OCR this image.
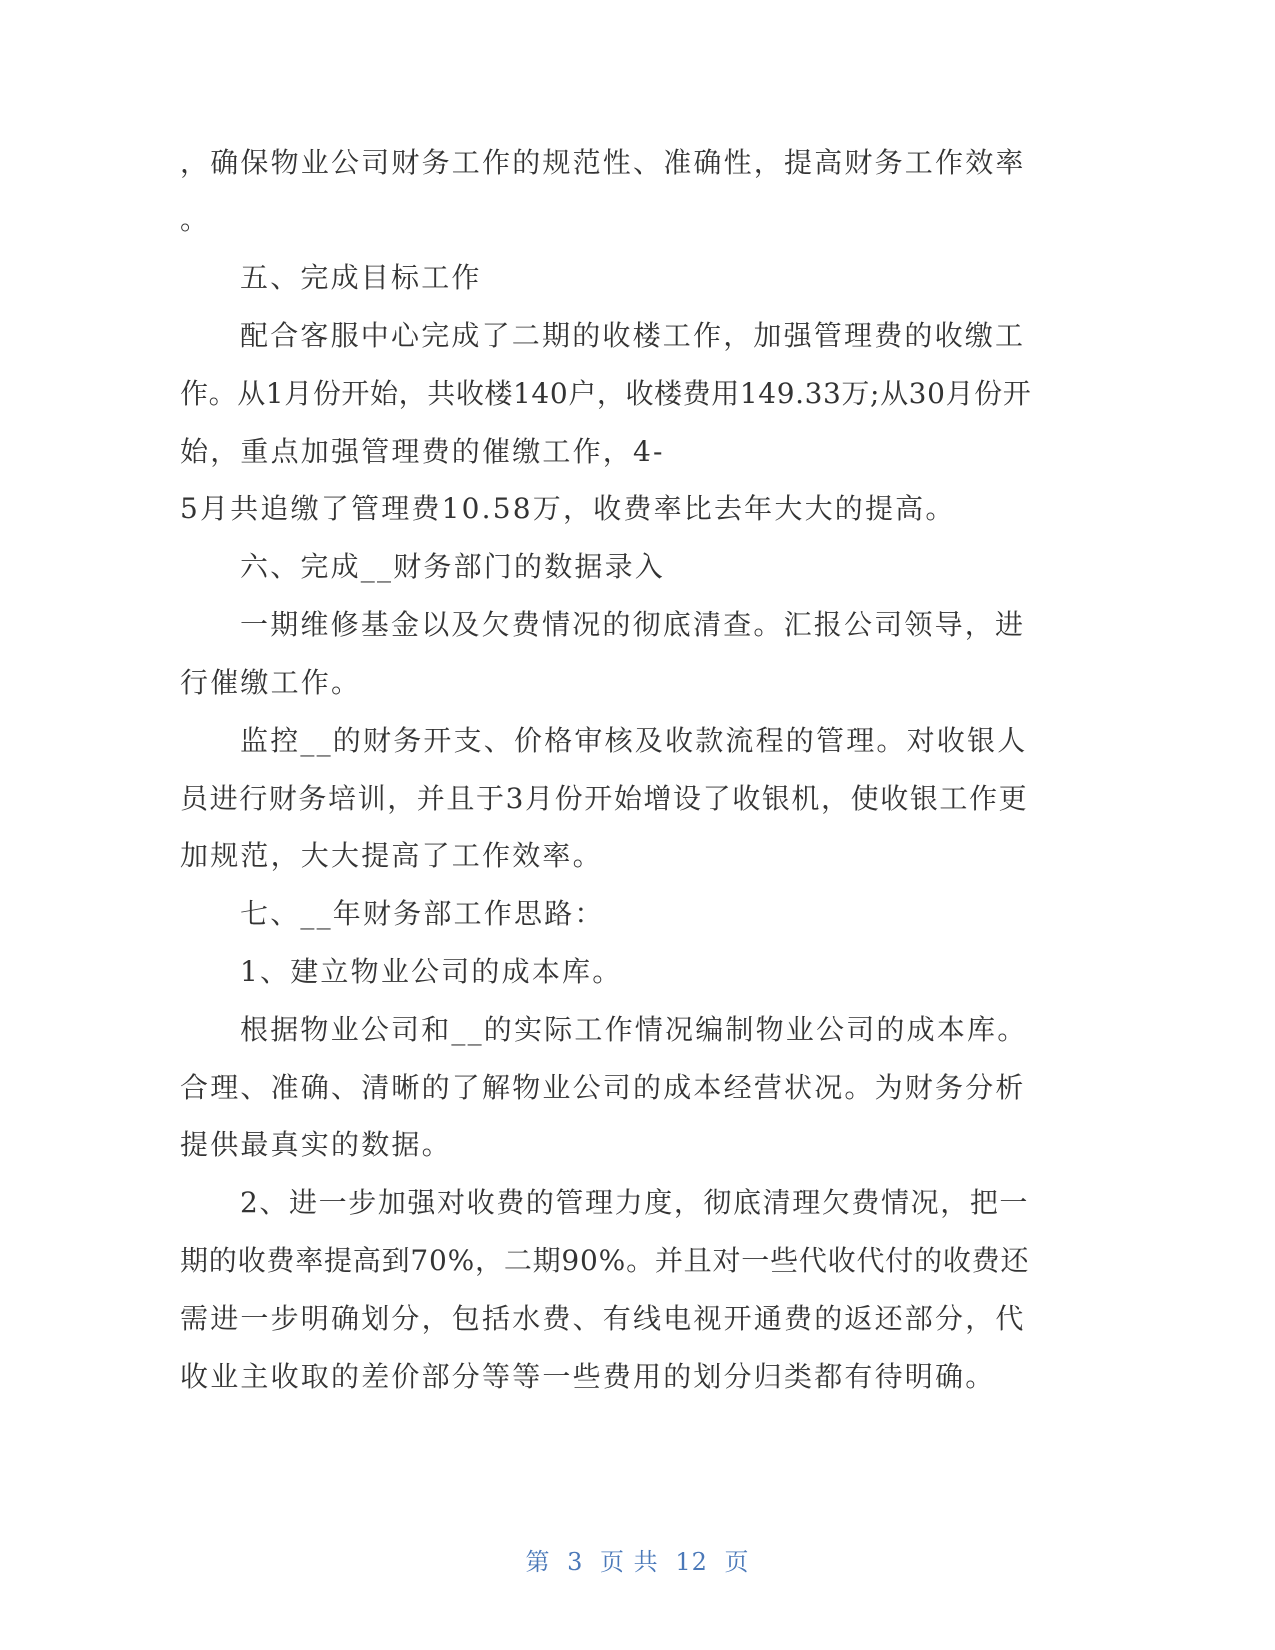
，确保物业公司财务工作的规范性、准确性，提高财务工作效率

。

五、完成目标工作

配合客服中心完成了二期的收楼工作，加强管理费的收缴工

作。从1月份开始，共收楼140户，收楼费用149.33万;从30月份开

始，重点加强管理费的催缴工作，4-

5月共追缴了管理费10.58万，收费率比去年大大的提高。

六、完成__财务部门的数据录入

一期维修基金以及欠费情况的彻底清查。汇报公司领导，进

行催缴工作。

监控__的财务开支、价格审核及收款流程的管理。对收银人

员进行财务培训，并且于3月份开始增设了收银机，使收银工作更

加规范，大大提高了工作效率。

七、__年财务部工作思路：

1、建立物业公司的成本库。

根据物业公司和__的实际工作情况编制物业公司的成本库。

合理、准确、清晰的了解物业公司的成本经营状况。为财务分析

提供最真实的数据。

2、进一步加强对收费的管理力度，彻底清理欠费情况，把一

期的收费率提高到70%，二期90%。并且对一些代收代付的收费还

需进一步明确划分，包括水费、有线电视开通费的返还部分，代

收业主收取的差价部分等等一些费用的划分归类都有待明确。

第 3 页 共 12 页
